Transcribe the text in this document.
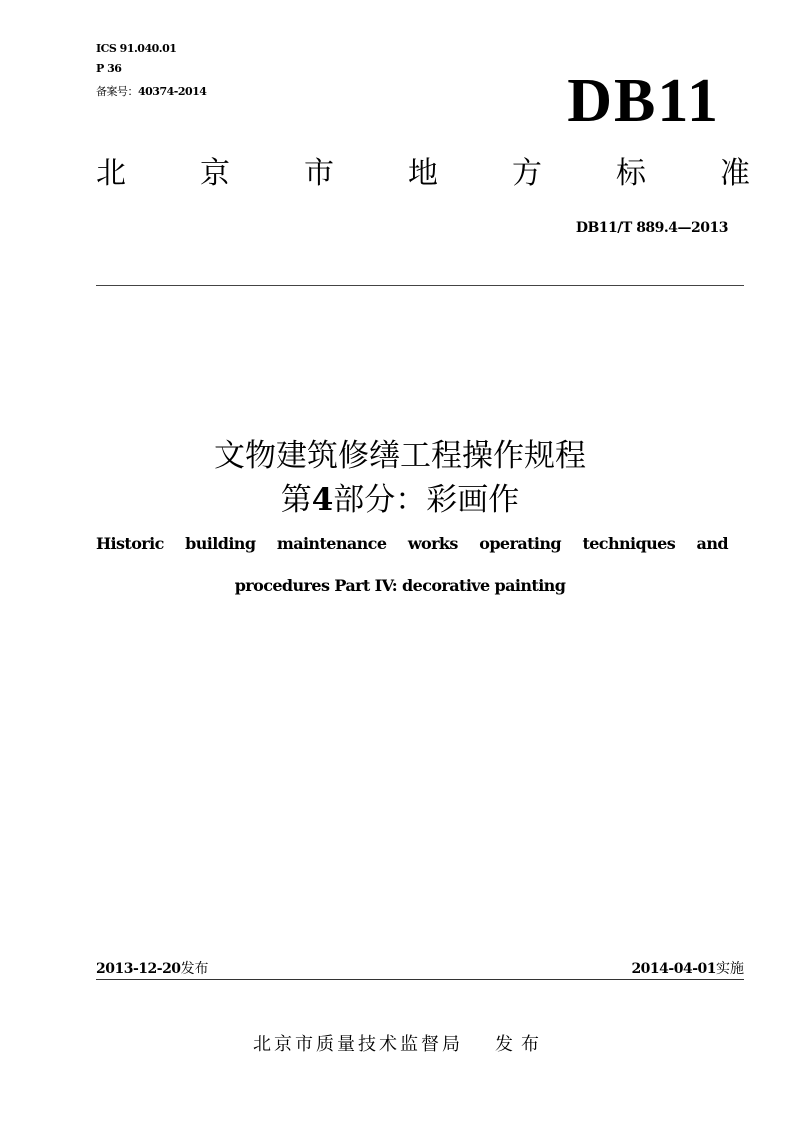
ICS 91.040.01
P 36
备案号：40374-2014	DB11
北 京 市 地 方 标 准
DB11/T 889.4—2013
文物建筑修缮工程操作规程
第4部分：彩画作
Historic building maintenance works operating techniques and
procedures Part IV: decorative painting
2013-12-20发布	2014-04-01实施
北京市质量技术监督局 发布
